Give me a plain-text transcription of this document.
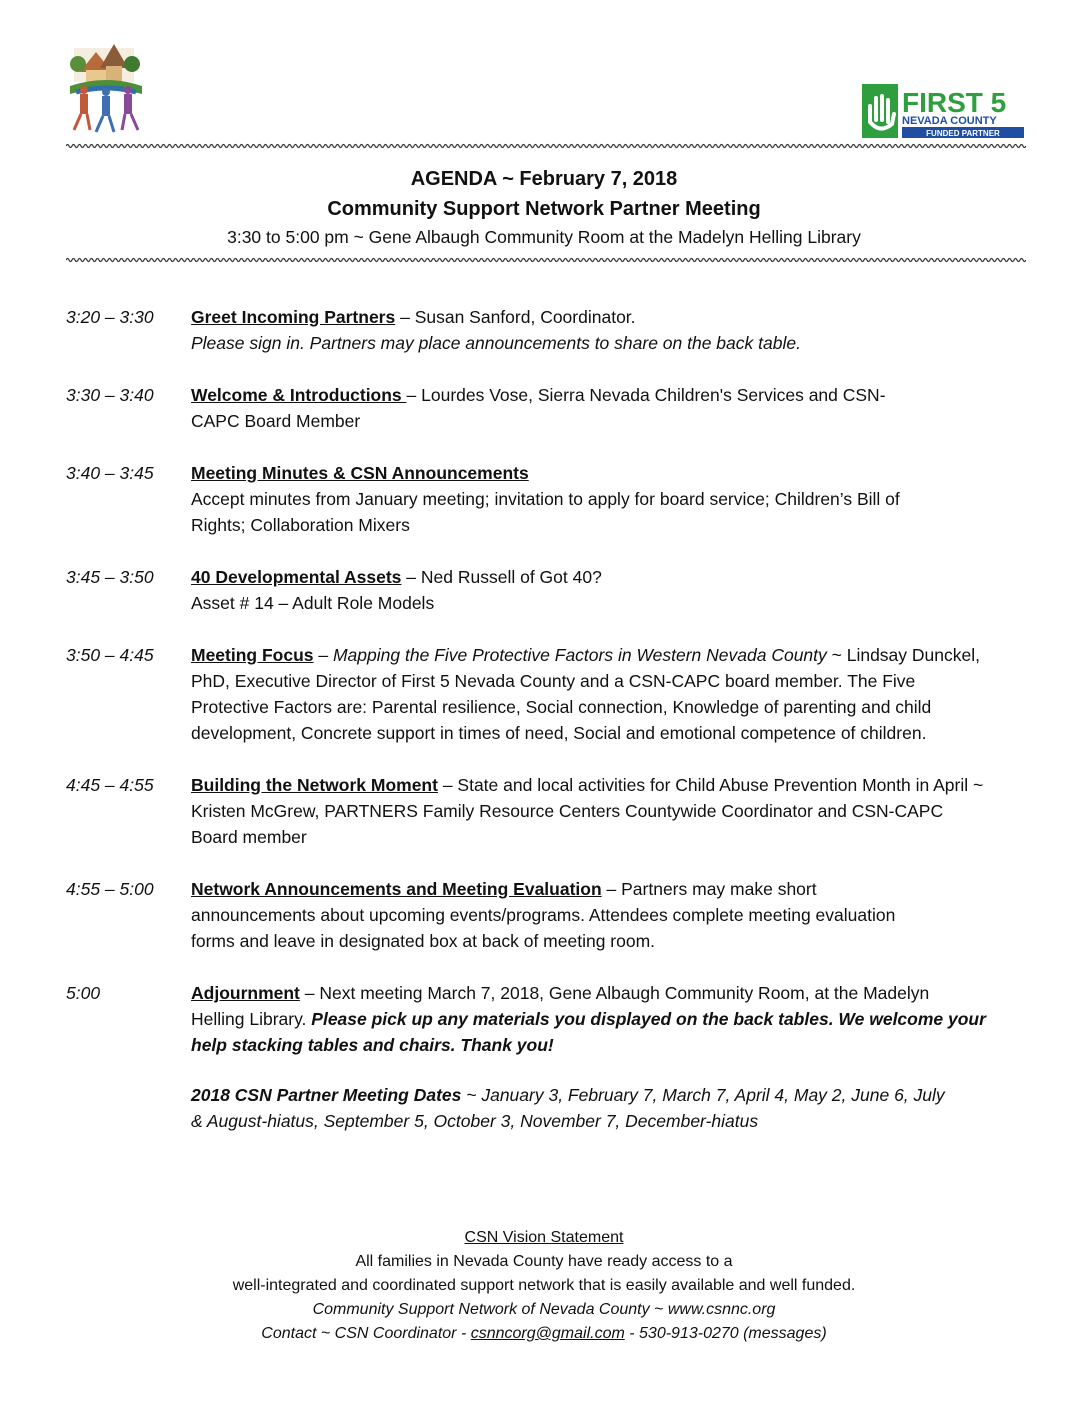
FIRST 5
NEVADA COUNTY
FUNDED PARTNER
AGENDA ~ February 7, 2018
Community Support Network Partner Meeting
3:30 to 5:00 pm ~ Gene Albaugh Community Room at the Madelyn Helling Library
3:20 – 3:30	Greet Incoming Partners – Susan Sanford, Coordinator.
Please sign in. Partners may place announcements to share on the back table.
3:30 – 3:40	Welcome & Introductions – Lourdes Vose, Sierra Nevada Children's Services and CSN-CAPC Board Member
3:40 – 3:45	Meeting Minutes & CSN Announcements
Accept minutes from January meeting; invitation to apply for board service; Children’s Bill of Rights; Collaboration Mixers
3:45 – 3:50	40 Developmental Assets – Ned Russell of Got 40?
Asset # 14 – Adult Role Models
3:50 – 4:45	Meeting Focus – Mapping the Five Protective Factors in Western Nevada County ~ Lindsay Dunckel, PhD, Executive Director of First 5 Nevada County and a CSN-CAPC board member. The Five Protective Factors are: Parental resilience, Social connection, Knowledge of parenting and child development, Concrete support in times of need, Social and emotional competence of children.
4:45 – 4:55	Building the Network Moment – State and local activities for Child Abuse Prevention Month in April ~ Kristen McGrew, PARTNERS Family Resource Centers Countywide Coordinator and CSN-CAPC Board member
4:55 – 5:00	Network Announcements and Meeting Evaluation – Partners may make short announcements about upcoming events/programs. Attendees complete meeting evaluation forms and leave in designated box at back of meeting room.
5:00	Adjournment – Next meeting March 7, 2018, Gene Albaugh Community Room, at the Madelyn Helling Library. Please pick up any materials you displayed on the back tables. We welcome your help stacking tables and chairs. Thank you!
2018 CSN Partner Meeting Dates ~ January 3, February 7, March 7, April 4, May 2, June 6, July & August-hiatus, September 5, October 3, November 7, December-hiatus
CSN Vision Statement
All families in Nevada County have ready access to a
well-integrated and coordinated support network that is easily available and well funded.
Community Support Network of Nevada County ~ www.csnnc.org
Contact ~ CSN Coordinator - csnncorg@gmail.com - 530-913-0270 (messages)
